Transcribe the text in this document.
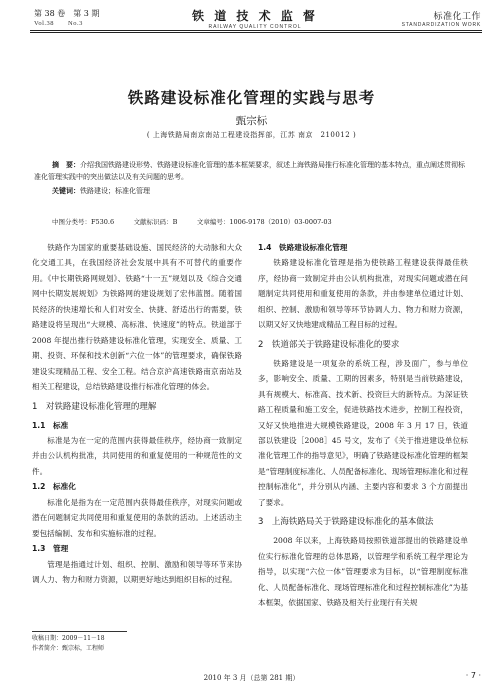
第 38 卷　第 3 期
Vol.38　　No.3
铁 道 技 术 监 督
RAILWAY QUALITY CONTROL
标准化工作
STANDARDIZATION WORK
铁路建设标准化管理的实践与思考
甄宗标
( 上海铁路局南京南站工程建设指挥部，江苏 南京　210012 )
摘　要：介绍我国铁路建设形势、铁路建设标准化管理的基本框架要求，叙述上海铁路局推行标准化管理的基本特点，重点阐述贯彻标准化管理实践中的突出做法以及有关问题的思考。
关键词：铁路建设；标准化管理
中图分类号：F530.6　　　文献标识码：B　　　文章编号：1006-9178（2010）03-0007-03

铁路作为国家的重要基础设施、国民经济的大动脉和大众化交通工具，在我国经济社会发展中具有不可替代的重要作用。《中长期铁路网规划》、铁路“十一五”规划以及《综合交通网中长期发展规划》为铁路网的建设规划了宏伟蓝图。随着国民经济的快速增长和人们对安全、快捷、舒适出行的需要，铁路建设将呈现出“大规模、高标准、快速度”的特点。铁道部于 2008 年提出推行铁路建设标准化管理，实现安全、质量、工期、投资、环保和技术创新“六位一体”的管理要求，确保铁路建设实现精品工程、安全工程。结合京沪高速铁路南京南站及相关工程建设，总结铁路建设推行标准化管理的体会。

1　对铁路建设标准化管理的理解

1.1　标准

标准是为在一定的范围内获得最佳秩序，经协商一致制定并由公认机构批准，共同使用的和重复使用的一种规范性的文件。

1.2　标准化

标准化是指为在一定范围内获得最佳秩序，对现实问题或潜在问题制定共同使用和重复使用的条款的活动。上述活动主要包括编制、发布和实施标准的过程。

1.3　管理

管理是指通过计划、组织、控制、激励和领导等环节来协调人力、物力和财力资源，以期更好地达到组织目标的过程。

1.4　铁路建设标准化管理

铁路建设标准化管理是指为使铁路工程建设获得最佳秩序，经协商一致制定并由公认机构批准，对现实问题或潜在问题制定共同使用和重复使用的条款，并由参建单位通过计划、组织、控制、激励和领导等环节协调人力、物力和财力资源，以期又好又快地建成精品工程目标的过程。

2　铁道部关于铁路建设标准化的要求

铁路建设是一项复杂的系统工程，涉及面广，参与单位多，影响安全、质量、工期的因素多，特别是当前铁路建设，具有规模大、标准高、技术新、投资巨大的新特点。为深证铁路工程质量和施工安全，促进铁路技术进步，控制工程投资，又好又快地推进大规模铁路建设，2008 年 3 月 17 日，铁道部以铁建设［2008］45 号文，发布了《关于推进建设单位标准化管理工作的指导意见》，明确了铁路建设标准化管理的框架是“管理制度标准化、人员配备标准化、现场管理标准化和过程控制标准化”，并分别从内涵、主要内容和要求 3 个方面提出了要求。

3　上海铁路局关于铁路建设标准化的基本做法

2008 年以来，上海铁路局按照铁道部提出的铁路建设单位实行标准化管理的总体思路，以管理学和系统工程学理论为指导，以实现“六位一体”管理要求为目标，以“管理制度标准化、人员配备标准化、现场管理标准化和过程控制标准化”为基本框架，依据国家、铁路及相关行业现行有关规

收稿日期：2009－11－18
作者简介：甄宗标，工程师
2010 年 3 月（总第 281 期）	· 7 ·
